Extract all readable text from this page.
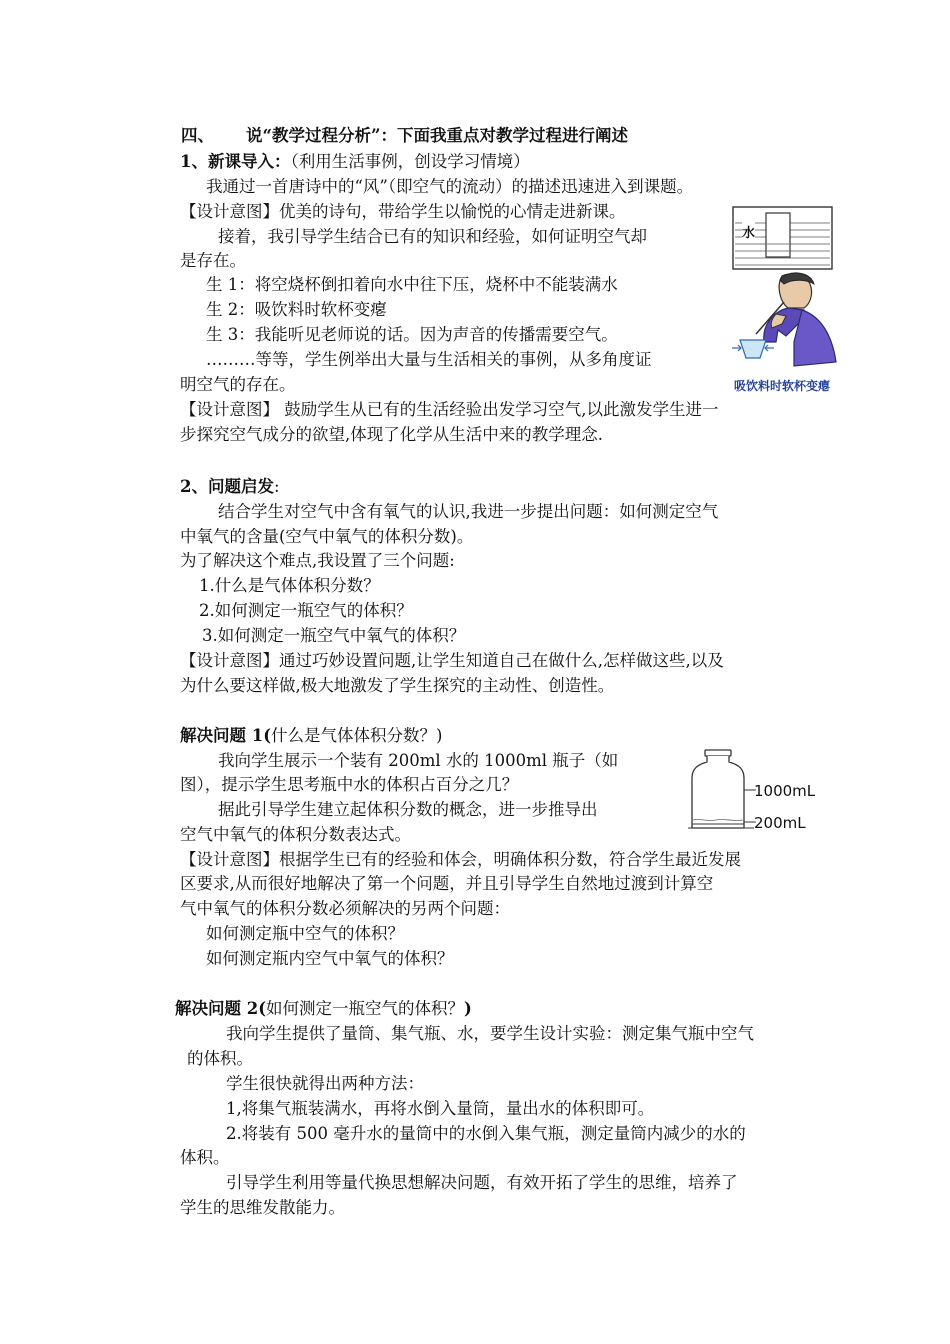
四、 说“教学过程分析”：下面我重点对教学过程进行阐述
1、新课导入：（利用生活事例，创设学习情境）
我通过一首唐诗中的“风”（即空气的流动）的描述迅速进入到课题。
【设计意图】优美的诗句，带给学生以愉悦的心情走进新课。
接着，我引导学生结合已有的知识和经验，如何证明空气却
是存在。
生 1：将空烧杯倒扣着向水中往下压，烧杯中不能装满水
生 2：吸饮料时软杯变瘪
生 3：我能听见老师说的话。因为声音的传播需要空气。
………等等，学生例举出大量与生活相关的事例，从多角度证
明空气的存在。
【设计意图】 鼓励学生从已有的生活经验出发学习空气,以此激发学生进一
步探究空气成分的欲望,体现了化学从生活中来的教学理念.
水
吸饮料时软杯变瘪
2、问题启发:
结合学生对空气中含有氧气的认识,我进一步提出问题：如何测定空气
中氧气的含量(空气中氧气的体积分数)。
为了解决这个难点,我设置了三个问题:
1.什么是气体体积分数？
2.如何测定一瓶空气的体积？
3.如何测定一瓶空气中氧气的体积？
【设计意图】通过巧妙设置问题,让学生知道自己在做什么,怎样做这些,以及
为什么要这样做,极大地激发了学生探究的主动性、创造性。
解决问题 1(什么是气体体积分数？)
我向学生展示一个装有 200ml 水的 1000ml 瓶子（如
图），提示学生思考瓶中水的体积占百分之几？
据此引导学生建立起体积分数的概念，进一步推导出
空气中氧气的体积分数表达式。
【设计意图】根据学生已有的经验和体会，明确体积分数，符合学生最近发展
区要求,从而很好地解决了第一个问题，并且引导学生自然地过渡到计算空
气中氧气的体积分数必须解决的另两个问题：
如何测定瓶中空气的体积？
如何测定瓶内空气中氧气的体积？
1000mL
200mL
解决问题 2(如何测定一瓶空气的体积？)
我向学生提供了量筒、集气瓶、水，要学生设计实验：测定集气瓶中空气
的体积。
学生很快就得出两种方法：
1,将集气瓶装满水，再将水倒入量筒，量出水的体积即可。
2.将装有 500 毫升水的量筒中的水倒入集气瓶，测定量筒内减少的水的
体积。
引导学生利用等量代换思想解决问题，有效开拓了学生的思维，培养了
学生的思维发散能力。
